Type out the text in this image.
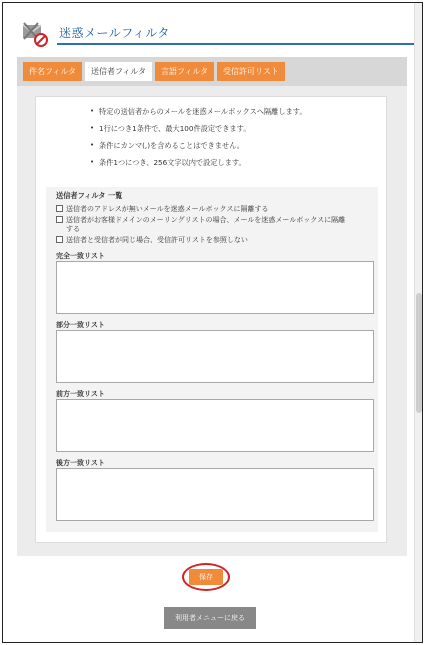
迷惑メールフィルタ
件名フィルタ	送信者フィルタ	言語フィルタ	受信許可リスト
• 特定の送信者からのメールを迷惑メールボックスへ隔離します。
• 1行につき1条件で、最大100件設定できます。
• 条件にカンマ(,)を含めることはできません。
• 条件1つにつき、256文字以内で設定します。
送信者フィルタ 一覧
送信者のアドレスが無いメールを迷惑メールボックスに隔離する
送信者がお客様ドメインのメーリングリストの場合、メールを迷惑メールボックスに隔離
する
送信者と受信者が同じ場合、受信許可リストを参照しない
完全一致リスト
部分一致リスト
前方一致リスト
後方一致リスト
保存
利用者メニューに戻る
